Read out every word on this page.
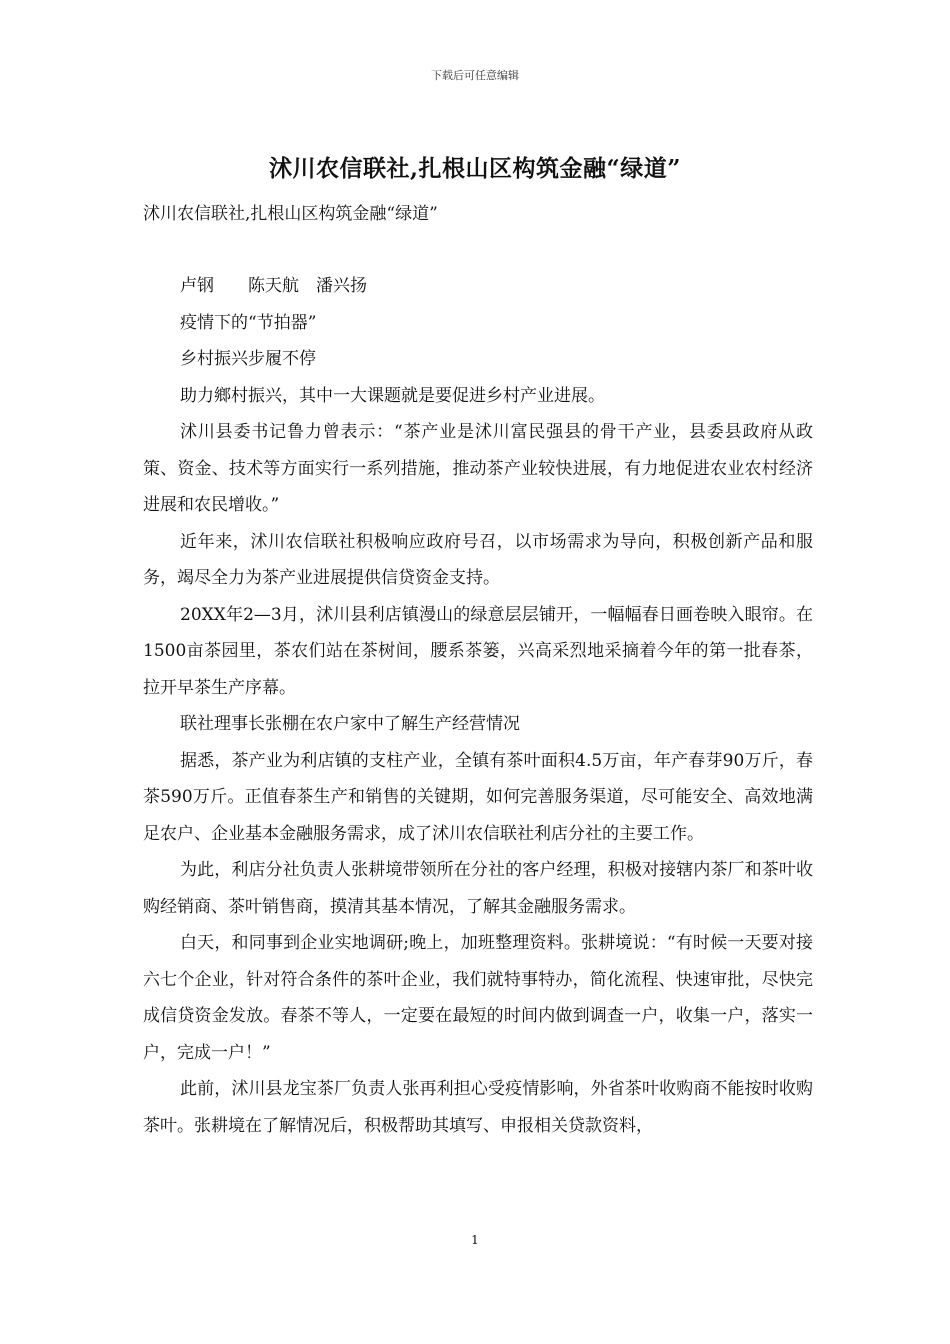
下载后可任意编辑
沭川农信联社,扎根山区构筑金融“绿道”
沭川农信联社,扎根山区构筑金融“绿道”

卢钢　　陈天航　潘兴扬

疫情下的“节拍器”

乡村振兴步履不停

助力鄉村振兴，其中一大课题就是要促进乡村产业进展。

沭川县委书记鲁力曾表示：“茶产业是沭川富民强县的骨干产业，县委县政府从政策、资金、技术等方面实行一系列措施，推动茶产业较快进展，有力地促进农业农村经济进展和农民增收。”

近年来，沭川农信联社积极响应政府号召，以市场需求为导向，积极创新产品和服务，竭尽全力为茶产业进展提供信贷资金支持。

20XX年2—3月，沭川县利店镇漫山的绿意层层铺开，一幅幅春日画卷映入眼帘。在1500亩茶园里，茶农们站在茶树间，腰系茶篓，兴高采烈地采摘着今年的第一批春茶，拉开早茶生产序幕。

联社理事长张棚在农户家中了解生产经营情况

据悉，茶产业为利店镇的支柱产业，全镇有茶叶面积4.5万亩，年产春芽90万斤，春茶590万斤。正值春茶生产和销售的关键期，如何完善服务渠道，尽可能安全、高效地满足农户、企业基本金融服务需求，成了沭川农信联社利店分社的主要工作。

为此，利店分社负责人张耕境带领所在分社的客户经理，积极对接辖内茶厂和茶叶收购经销商、茶叶销售商，摸清其基本情况，了解其金融服务需求。

白天，和同事到企业实地调研;晚上，加班整理资料。张耕境说：“有时候一天要对接六七个企业，针对符合条件的茶叶企业，我们就特事特办，简化流程、快速审批，尽快完成信贷资金发放。春茶不等人，一定要在最短的时间内做到调查一户，收集一户，落实一户，完成一户！”

此前，沭川县龙宝茶厂负责人张再利担心受疫情影响，外省茶叶收购商不能按时收购茶叶。张耕境在了解情况后，积极帮助其填写、申报相关贷款资料，

1
